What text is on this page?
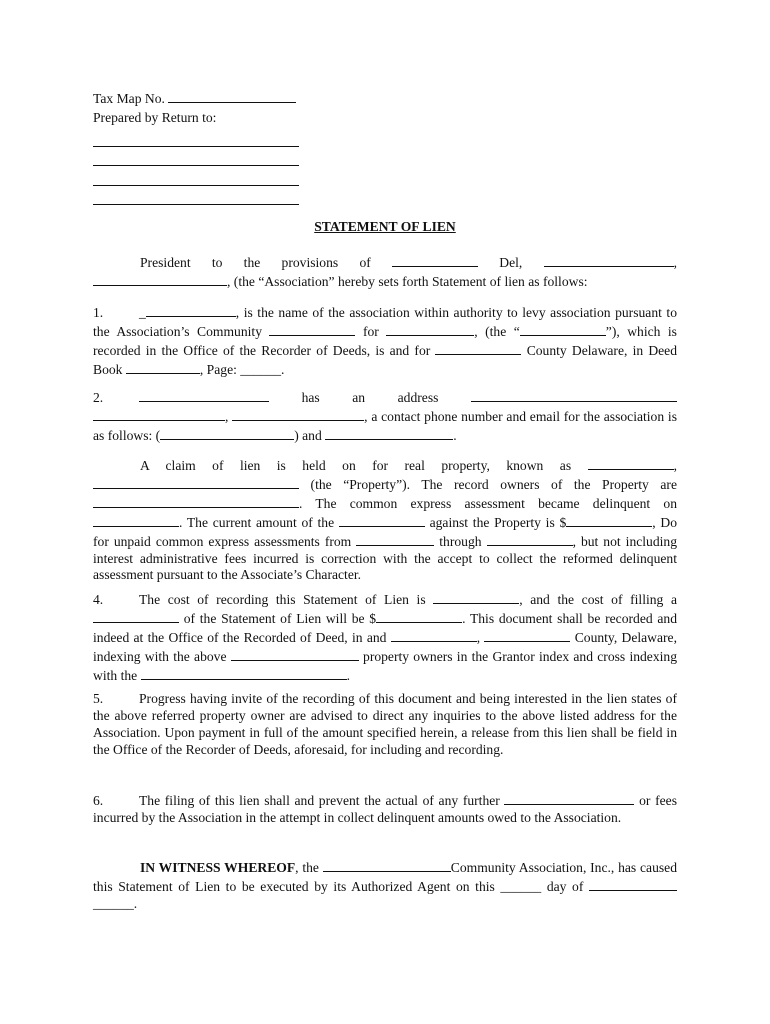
Tax Map No.
Prepared by Return to:
STATEMENT OF LIEN
President to the provisions of	Del,	,
, (the “Association” hereby sets forth Statement of lien as follows:
1.	_	, is the name of the association within authority to levy association pursuant to the Association’s Community	for	, (the “	”), which is recorded in the Office of the Recorder of Deeds, is and for	County Delaware, in Deed Book	, Page: ______.
2.	has an address
,	, a contact phone number and email for the association is as follows: (	) and	.
A claim of lien is held on for real property, known as	,  (the “Property”). The record owners of the Property are . The common express assessment became delinquent on . The current amount of the	against the Property is $	, Do for unpaid common express assessments from	through	, but not including interest administrative fees incurred is correction with the accept to collect the reformed delinquent assessment pursuant to the Associate’s Character.
4.	The cost of recording this Statement of Lien is	, and the cost of filling a  of the Statement of Lien will be $	. This document shall be recorded and indeed at the Office of the Recorded of Deed, in and	,	County, Delaware, indexing with the above	property owners in the Grantor index and cross indexing with the	.
5.	Progress having invite of the recording of this document and being interested in the lien states of the above referred property owner are advised to direct any inquiries to the above listed address for the Association. Upon payment in full of the amount specified herein, a release from this lien shall be field in the Office of the Recorder of Deeds, aforesaid, for including and recording.
6.	The filing of this lien shall and prevent the actual of any further	or fees incurred by the Association in the attempt in collect delinquent amounts owed to the Association.
IN WITNESS WHEREOF, the	Community Association, Inc., has caused this Statement of Lien to be executed by its Authorized Agent on this ______ day of ______.
